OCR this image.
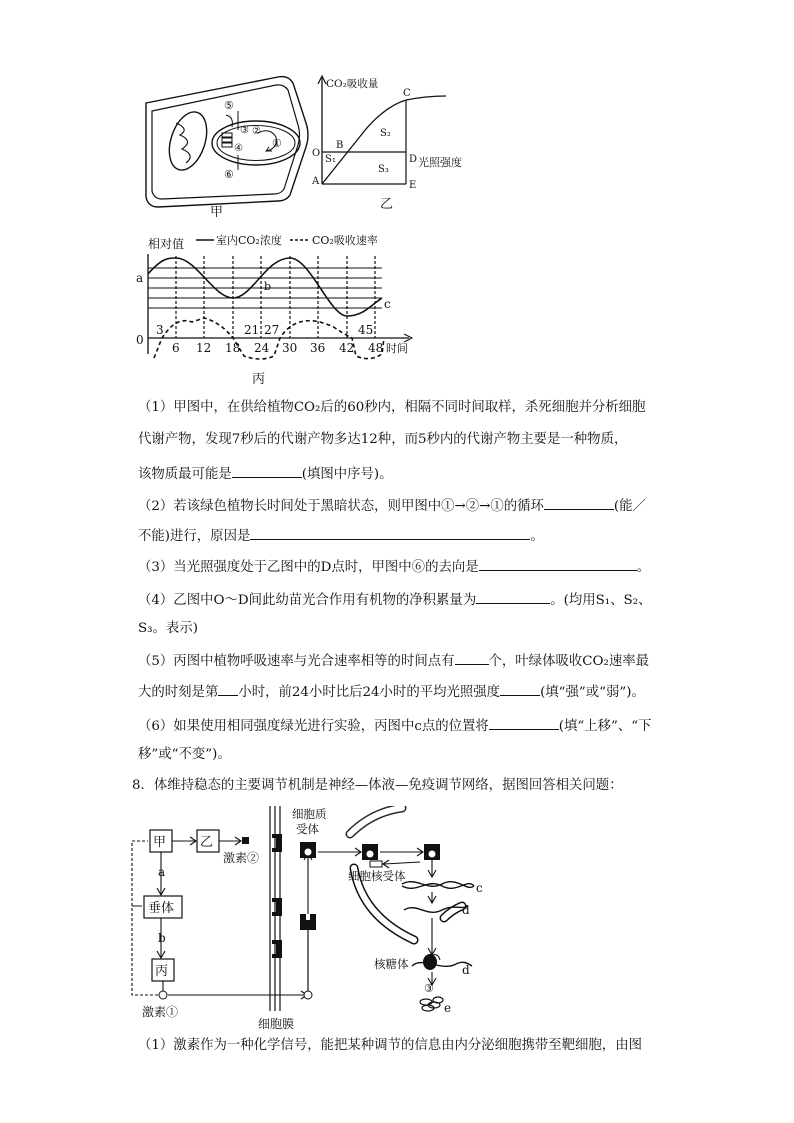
⑤
③ ②
①
④
⑥
甲
CO₂吸收量
光照强度
C
B
O
D
A	E
S₂
S₁
S₃
乙
相对值	室内CO₂浓度	CO₂吸收速率
a
b
c
0
3	21 27	45
6 12 18 24 30 36 42 48 时间
丙
（1）甲图中，在供给植物CO₂后的60秒内，相隔不同时间取样，杀死细胞并分析细胞
代谢产物，发现7秒后的代谢产物多达12种，而5秒内的代谢产物主要是一种物质，
该物质最可能是	(填图中序号)。
（2）若该绿色植物长时间处于黑暗状态，则甲图中①→②→①的循环	(能／
不能)进行，原因是	。
（3）当光照强度处于乙图中的D点时，甲图中⑥的去向是	。
（4）乙图中O～D间此幼苗光合作用有机物的净积累量为	。(均用S₁、S₂、
S₃。表示)
（5）丙图中植物呼吸速率与光合速率相等的时间点有	个，叶绿体吸收CO₂速率最
大的时刻是第 小时，前24小时比后24小时的平均光照强度	(填“强”或“弱”)。
（6）如果使用相同强度绿光进行实验，丙图中c点的位置将	(填“上移”、“下
移”或“不变”)。
8．体维持稳态的主要调节机制是神经—体液—免疫调节网络，据图回答相关问题：
甲	乙
垂体
丙
a
b
激素②
激素①
细胞质
受体
细胞核受体
c
d
核糖体	d
③
e
细胞膜
（1）激素作为一种化学信号，能把某种调节的信息由内分泌细胞携带至靶细胞，由图
